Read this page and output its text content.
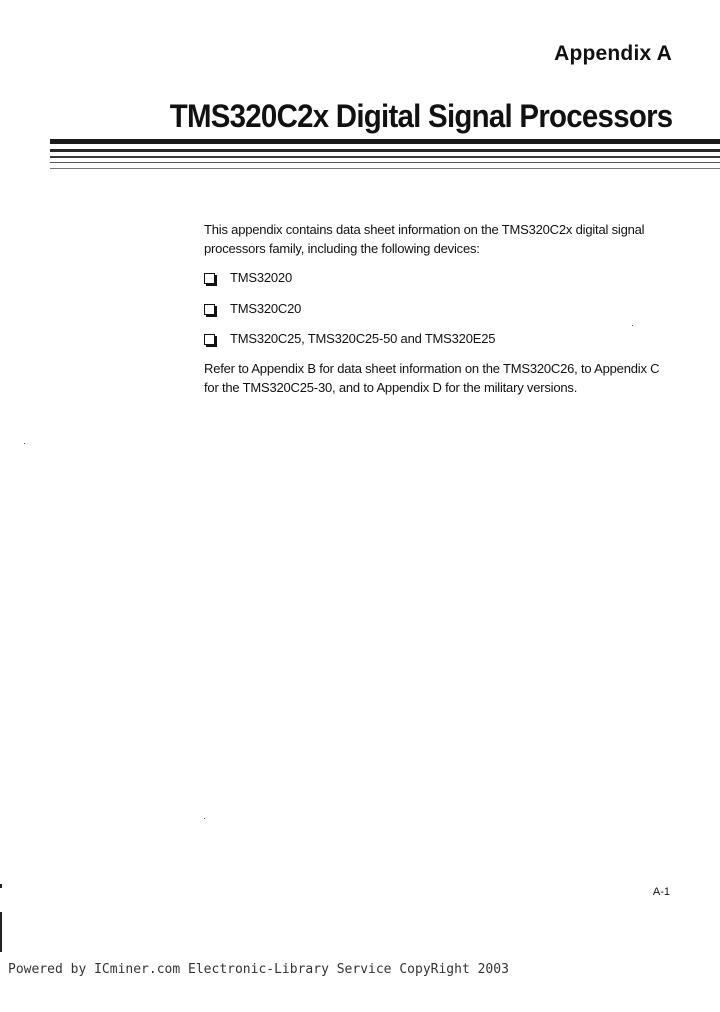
Appendix A
TMS320C2x Digital Signal Processors
This appendix contains data sheet information on the TMS320C2x digital signal processors family, including the following devices:
TMS32020
TMS320C20
TMS320C25, TMS320C25-50 and TMS320E25
Refer to Appendix B for data sheet information on the TMS320C26, to Appendix C for the TMS320C25-30, and to Appendix D for the military versions.
A-1
Powered by ICminer.com Electronic-Library Service CopyRight 2003
